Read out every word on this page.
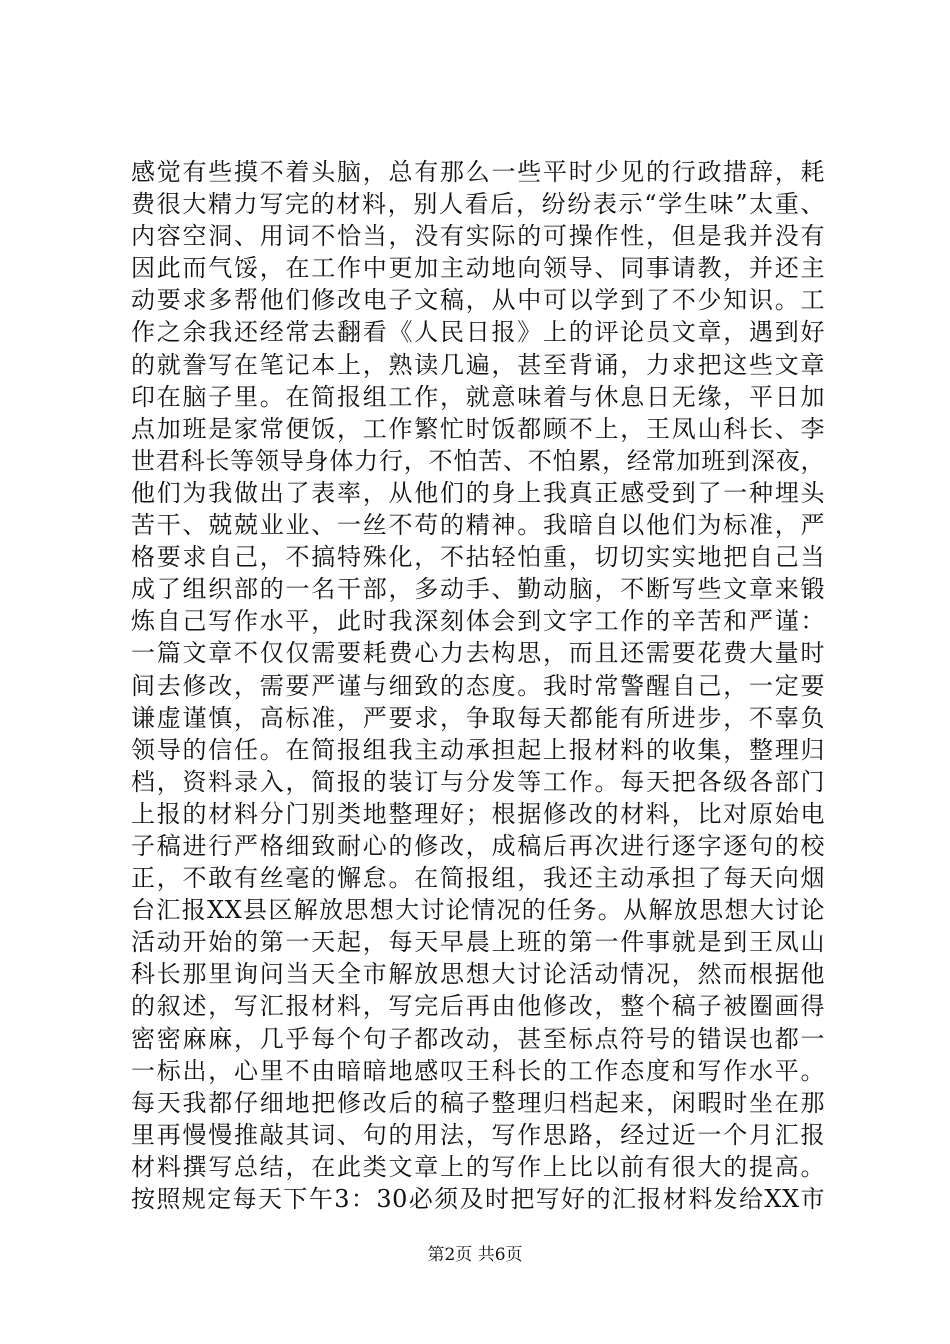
感觉有些摸不着头脑，总有那么一些平时少见的行政措辞，耗
费很大精力写完的材料，别人看后，纷纷表示“学生味”太重、
内容空洞、用词不恰当，没有实际的可操作性，但是我并没有
因此而气馁，在工作中更加主动地向领导、同事请教，并还主
动要求多帮他们修改电子文稿，从中可以学到了不少知识。工
作之余我还经常去翻看《人民日报》上的评论员文章，遇到好
的就誊写在笔记本上，熟读几遍，甚至背诵，力求把这些文章
印在脑子里。在简报组工作，就意味着与休息日无缘，平日加
点加班是家常便饭，工作繁忙时饭都顾不上，王凤山科长、李
世君科长等领导身体力行，不怕苦、不怕累，经常加班到深夜，
他们为我做出了表率，从他们的身上我真正感受到了一种埋头
苦干、兢兢业业、一丝不苟的精神。我暗自以他们为标准，严
格要求自己，不搞特殊化，不拈轻怕重，切切实实地把自己当
成了组织部的一名干部，多动手、勤动脑，不断写些文章来锻
炼自己写作水平，此时我深刻体会到文字工作的辛苦和严谨：
一篇文章不仅仅需要耗费心力去构思，而且还需要花费大量时
间去修改，需要严谨与细致的态度。我时常警醒自己，一定要
谦虚谨慎，高标准，严要求，争取每天都能有所进步，不辜负
领导的信任。在简报组我主动承担起上报材料的收集，整理归
档，资料录入，简报的装订与分发等工作。每天把各级各部门
上报的材料分门别类地整理好；根据修改的材料，比对原始电
子稿进行严格细致耐心的修改，成稿后再次进行逐字逐句的校
正，不敢有丝毫的懈怠。在简报组，我还主动承担了每天向烟
台汇报XX县区解放思想大讨论情况的任务。从解放思想大讨论
活动开始的第一天起，每天早晨上班的第一件事就是到王凤山
科长那里询问当天全市解放思想大讨论活动情况，然而根据他
的叙述，写汇报材料，写完后再由他修改，整个稿子被圈画得
密密麻麻，几乎每个句子都改动，甚至标点符号的错误也都一
一标出，心里不由暗暗地感叹王科长的工作态度和写作水平。
每天我都仔细地把修改后的稿子整理归档起来，闲暇时坐在那
里再慢慢推敲其词、句的用法，写作思路，经过近一个月汇报
材料撰写总结，在此类文章上的写作上比以前有很大的提高。
按照规定每天下午3：30必须及时把写好的汇报材料发给XX市
第2页 共6页
